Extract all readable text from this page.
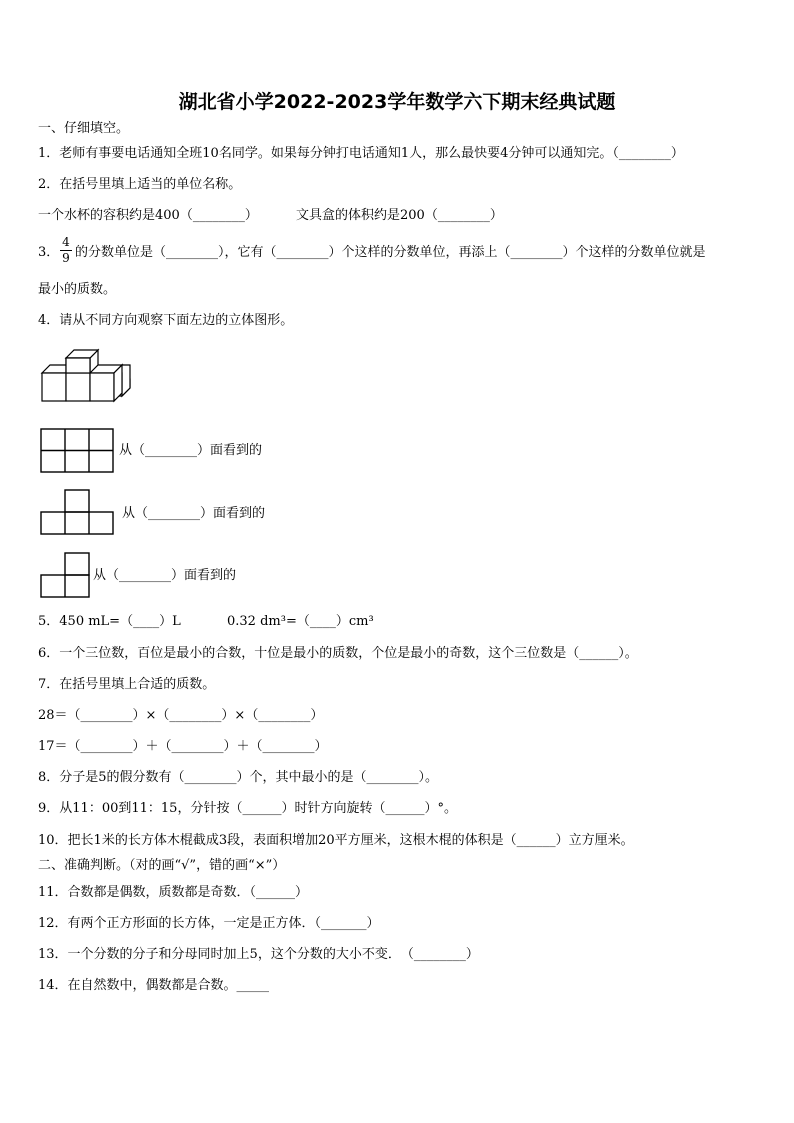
湖北省小学2022-2023学年数学六下期末经典试题
一、仔细填空。
1．老师有事要电话通知全班10名同学。如果每分钟打电话通知1人，那么最快要4分钟可以通知完。（________）
2．在括号里填上适当的单位名称。
一个水杯的容积约是400（________）	文具盒的体积约是200（________）
3．
4
9 的分数单位是（________），它有（________）个这样的分数单位，再添上（________）个这样的分数单位就是
最小的质数。
4．请从不同方向观察下面左边的立体图形。
从（________）面看到的
从（________）面看到的
从（________）面看到的
5．450 mL=（____）L	0.32 dm³=（____）cm³
6．一个三位数，百位是最小的合数，十位是最小的质数，个位是最小的奇数，这个三位数是（______）。
7．在括号里填上合适的质数。
28＝（________）×（________）×（________）
17＝（________）＋（________）＋（________）
8．分子是5的假分数有（________）个，其中最小的是（________）。
9．从11：00到11：15，分针按（______）时针方向旋转（______）°。
10．把长1米的长方体木棍截成3段，表面积增加20平方厘米，这根木棍的体积是（______）立方厘米。
二、准确判断。（对的画“√”，错的画“×”）
11．合数都是偶数，质数都是奇数．（______）
12．有两个正方形面的长方体，一定是正方体．（_______）
13．一个分数的分子和分母同时加上5，这个分数的大小不变．　（________）
14．在自然数中，偶数都是合数。_____
